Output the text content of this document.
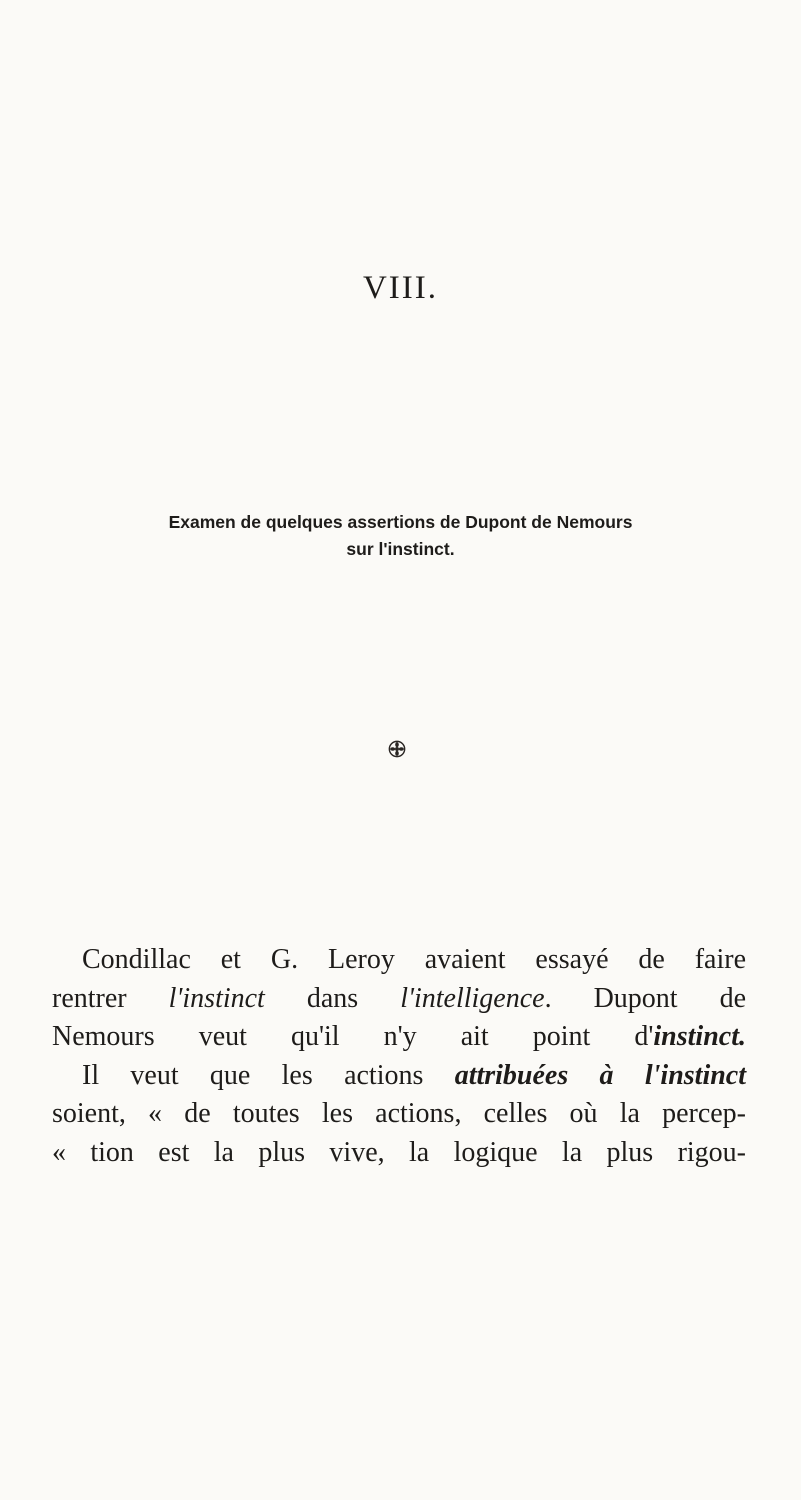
VIII.
Examen de quelques assertions de Dupont de Nemours
sur l'instinct.
Condillac et G. Leroy avaient essayé de faire
rentrer l'instinct dans l'intelligence. Dupont de
Nemours veut qu'il n'y ait point d'instinct.
Il veut que les actions attribuées à l'instinct
soient, « de toutes les actions, celles où la percep-
« tion est la plus vive, la logique la plus rigou-
